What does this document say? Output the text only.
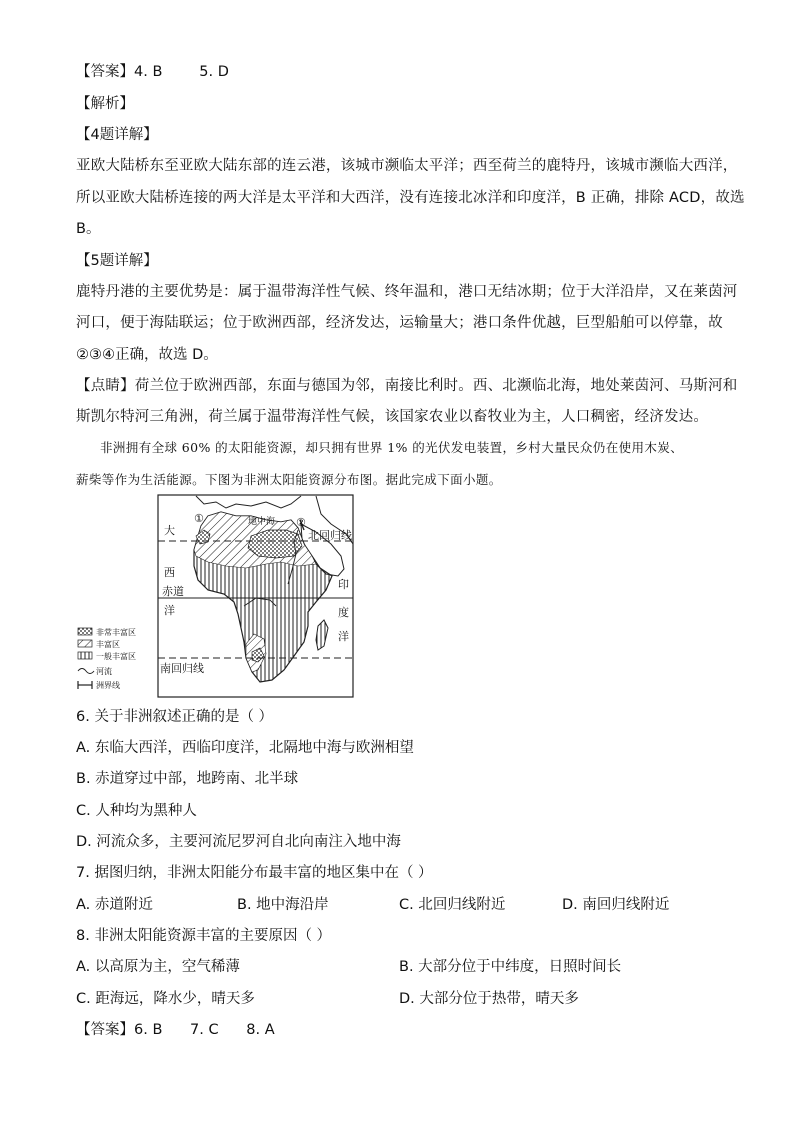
【答案】4. B        5. D
【解析】
【4题详解】
亚欧大陆桥东至亚欧大陆东部的连云港，该城市濒临太平洋；西至荷兰的鹿特丹，该城市濒临大西洋，
所以亚欧大陆桥连接的两大洋是太平洋和大西洋，没有连接北冰洋和印度洋，B 正确，排除 ACD，故选
B。
【5题详解】
鹿特丹港的主要优势是：属于温带海洋性气候、终年温和，港口无结冰期；位于大洋沿岸，又在莱茵河
河口，便于海陆联运；位于欧洲西部，经济发达，运输量大；港口条件优越，巨型船舶可以停靠，故
②③④正确，故选 D。
【点睛】荷兰位于欧洲西部，东面与德国为邻，南接比利时。西、北濒临北海，地处莱茵河、马斯河和
斯凯尔特河三角洲，荷兰属于温带海洋性气候，该国家农业以畜牧业为主，人口稠密，经济发达。
非洲拥有全球 60% 的太阳能资源，却只拥有世界 1% 的光伏发电装置，乡村大量民众仍在使用木炭、
薪柴等作为生活能源。下图为非洲太阳能资源分布图。据此完成下面小题。
大
西
洋
印
度
洋
赤道
北回归线
南回归线
地中海
①	②
非常丰富区
丰富区
一般丰富区
河流
洲界线
6. 关于非洲叙述正确的是（ ）
A. 东临大西洋，西临印度洋，北隔地中海与欧洲相望
B. 赤道穿过中部，地跨南、北半球
C. 人种均为黑种人
D. 河流众多，主要河流尼罗河自北向南注入地中海
7. 据图归纳，非洲太阳能分布最丰富的地区集中在（ ）
A. 赤道附近	B. 地中海沿岸	C. 北回归线附近	D. 南回归线附近
8. 非洲太阳能资源丰富的主要原因（ ）
A. 以高原为主，空气稀薄	B. 大部分位于中纬度，日照时间长
C. 距海远，降水少，晴天多	D. 大部分位于热带，晴天多
【答案】6. B      7. C      8. A
